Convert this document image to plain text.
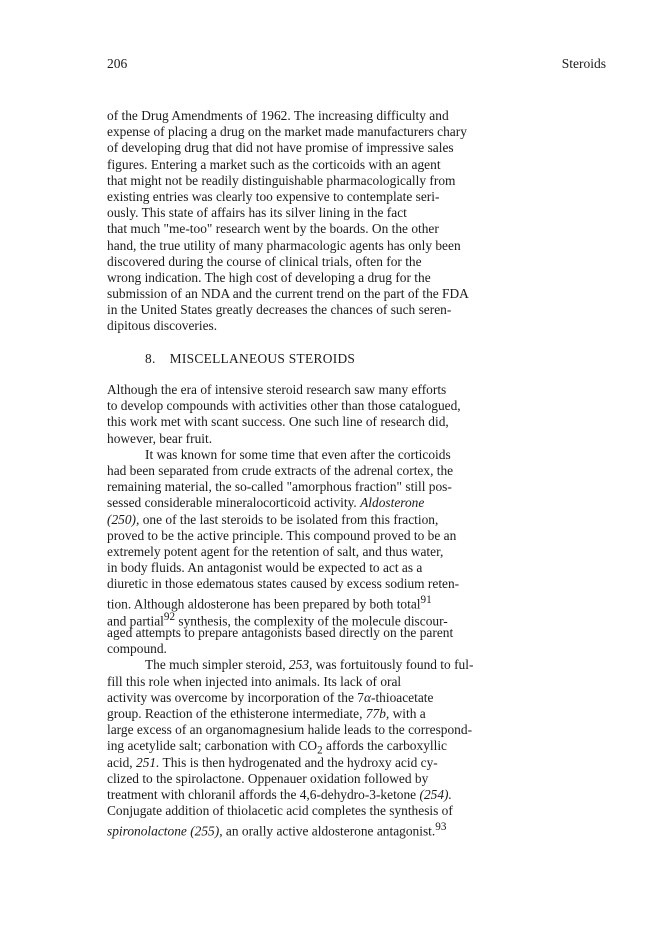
206	Steroids
of the Drug Amendments of 1962. The increasing difficulty and
expense of placing a drug on the market made manufacturers chary
of developing drug that did not have promise of impressive sales
figures. Entering a market such as the corticoids with an agent
that might not be readily distinguishable pharmacologically from
existing entries was clearly too expensive to contemplate seri-
ously. This state of affairs has its silver lining in the fact
that much "me-too" research went by the boards. On the other
hand, the true utility of many pharmacologic agents has only been
discovered during the course of clinical trials, often for the
wrong indication. The high cost of developing a drug for the
submission of an NDA and the current trend on the part of the FDA
in the United States greatly decreases the chances of such seren-
dipitous discoveries.
8. MISCELLANEOUS STEROIDS
Although the era of intensive steroid research saw many efforts
to develop compounds with activities other than those catalogued,
this work met with scant success. One such line of research did,
however, bear fruit.
It was known for some time that even after the corticoids
had been separated from crude extracts of the adrenal cortex, the
remaining material, the so-called "amorphous fraction" still pos-
sessed considerable mineralocorticoid activity. Aldosterone
(250), one of the last steroids to be isolated from this fraction,
proved to be the active principle. This compound proved to be an
extremely potent agent for the retention of salt, and thus water,
in body fluids. An antagonist would be expected to act as a
diuretic in those edematous states caused by excess sodium reten-
tion. Although aldosterone has been prepared by both total$^{91}$
and partial$^{92}$ synthesis, the complexity of the molecule discour-
aged attempts to prepare antagonists based directly on the parent
compound.
The much simpler steroid, 253, was fortuitously found to ful-
fill this role when injected into animals. Its lack of oral
activity was overcome by incorporation of the 7α-thioacetate
group. Reaction of the ethisterone intermediate, 77b, with a
large excess of an organomagnesium halide leads to the correspond-
ing acetylide salt; carbonation with $CO_2$ affords the carboxyllic
acid, 251. This is then hydrogenated and the hydroxy acid cy-
clized to the spirolactone. Oppenauer oxidation followed by
treatment with chloranil affords the 4,6-dehydro-3-ketone (254).
Conjugate addition of thiolacetic acid completes the synthesis of
spironolactone (255), an orally active aldosterone antagonist.$^{93}$
